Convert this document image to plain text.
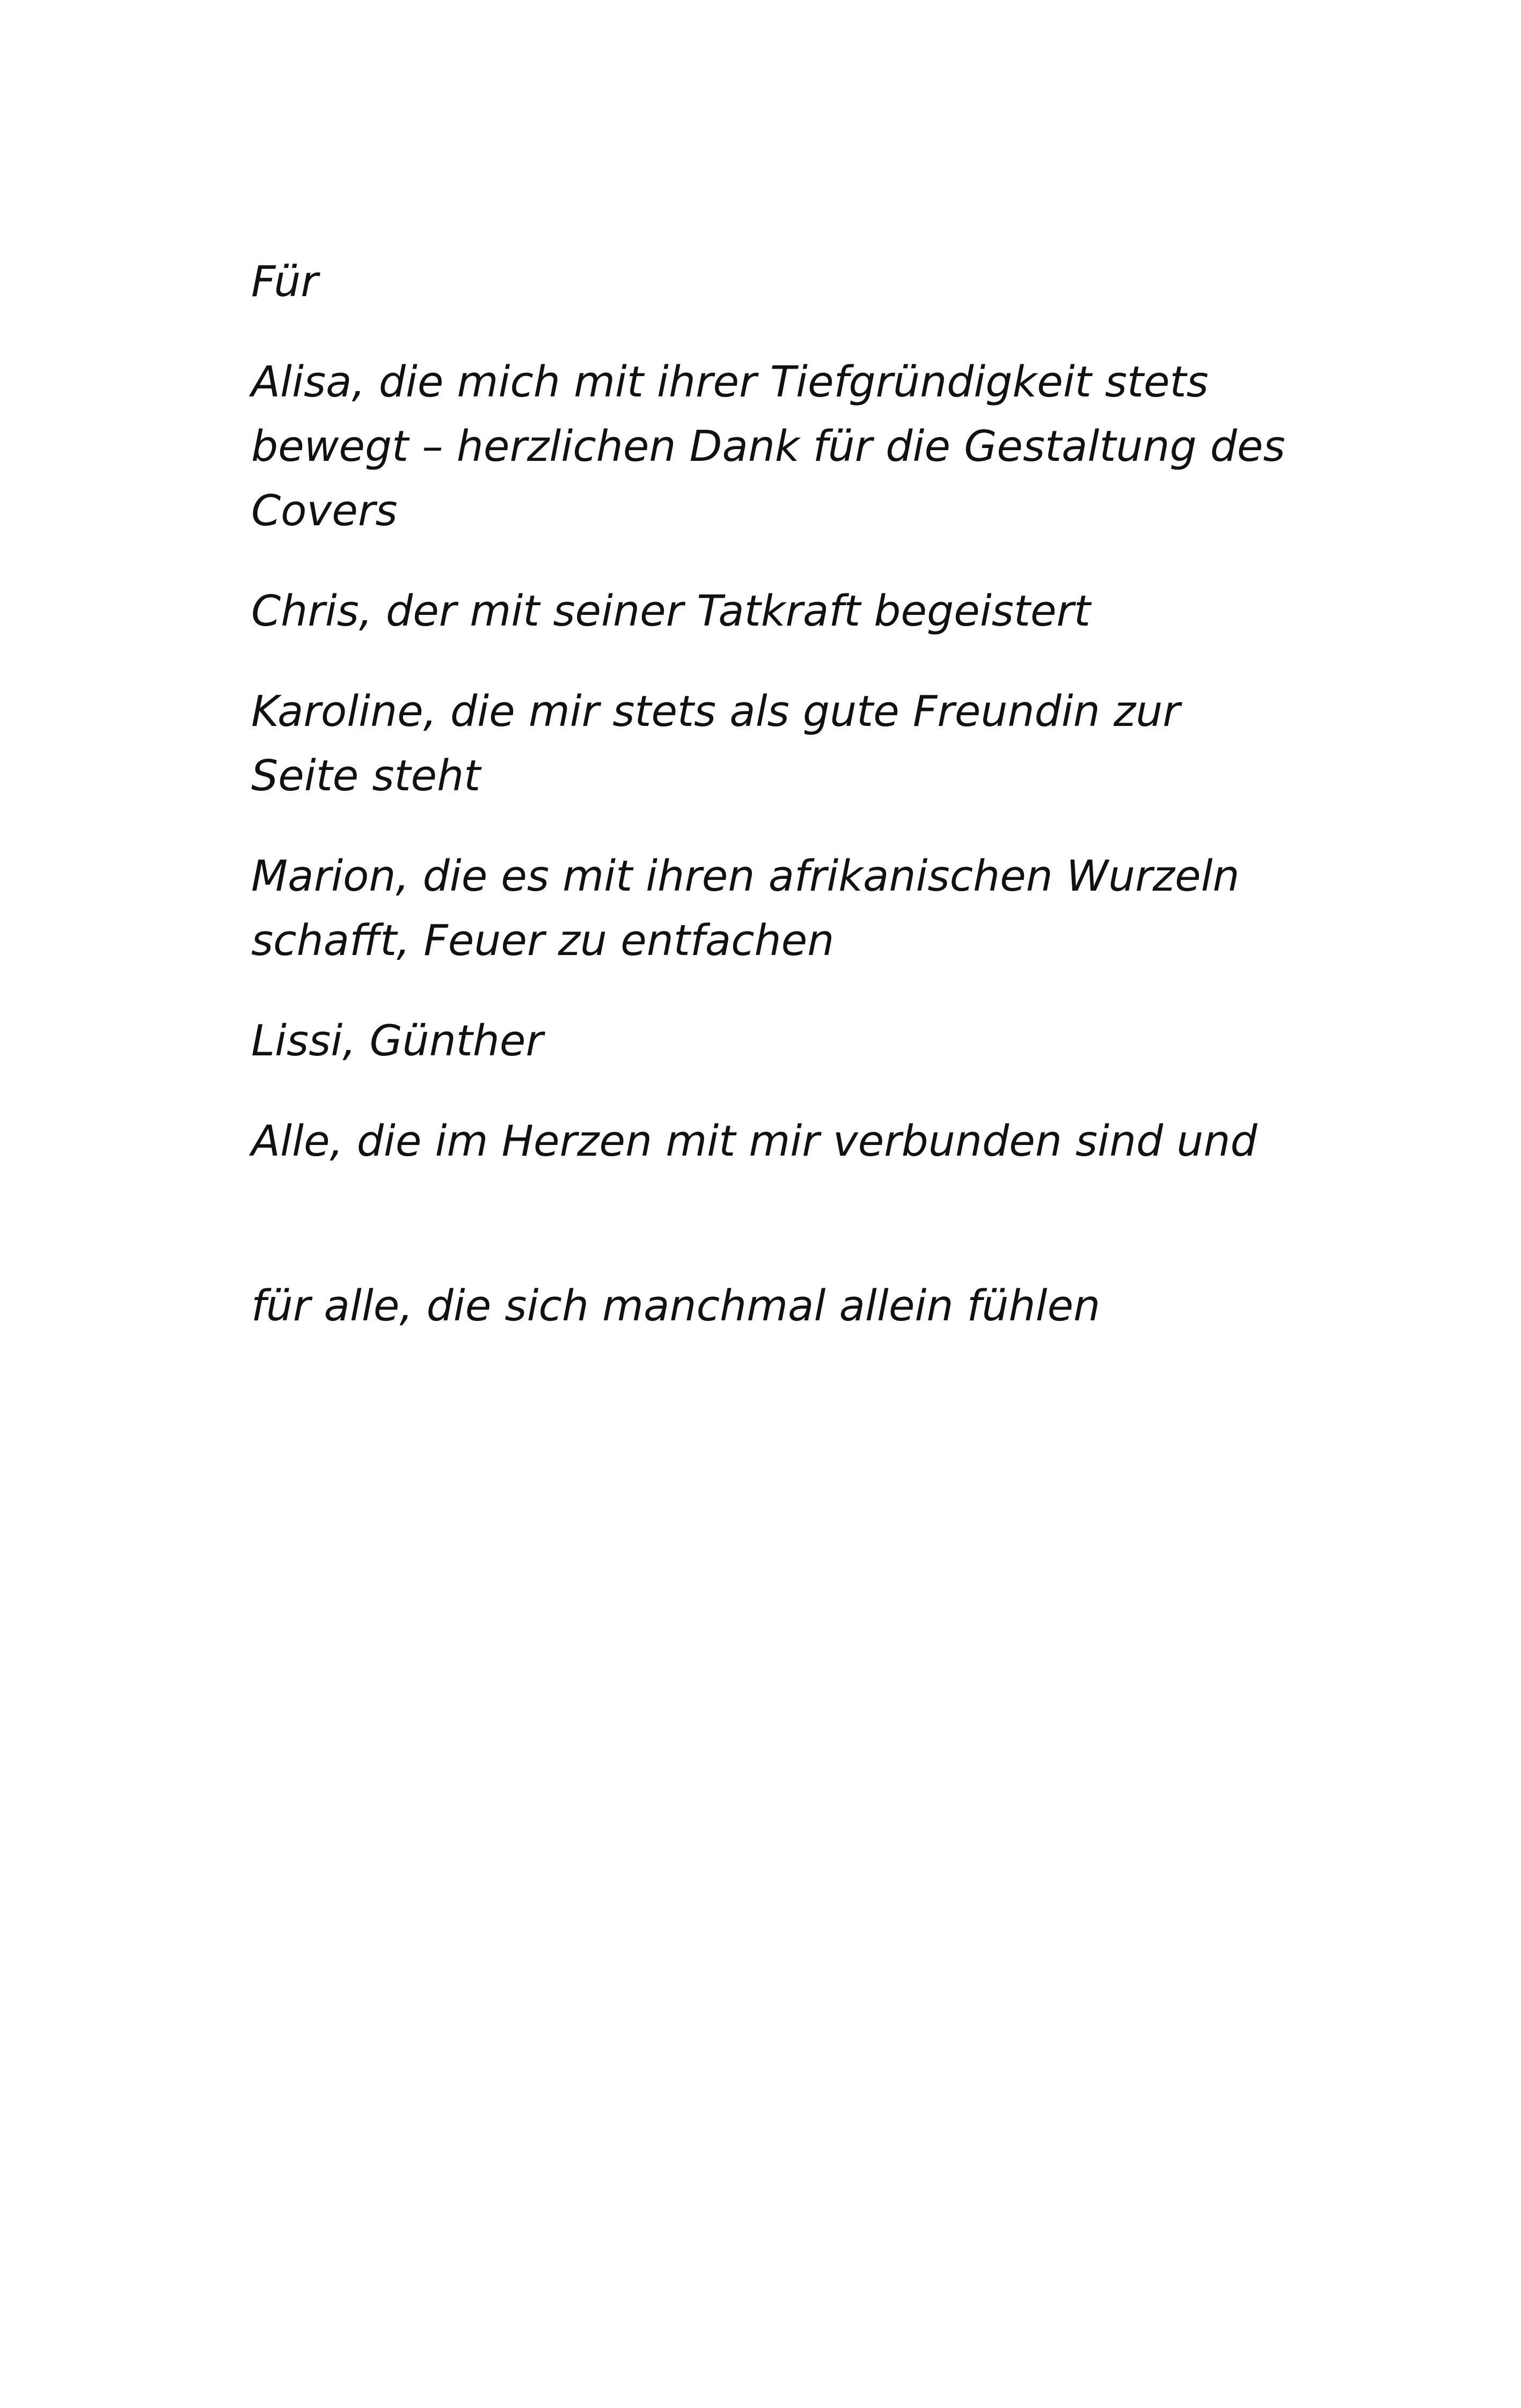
Für

Alisa, die mich mit ihrer Tiefgründigkeit stets bewegt – herzlichen Dank für die Gestaltung des Covers

Chris, der mit seiner Tatkraft begeistert

Karoline, die mir stets als gute Freundin zur Seite steht

Marion, die es mit ihren afrikanischen Wurzeln schafft, Feuer zu entfachen

Lissi, Günther

Alle, die im Herzen mit mir verbunden sind und

für alle, die sich manchmal allein fühlen
